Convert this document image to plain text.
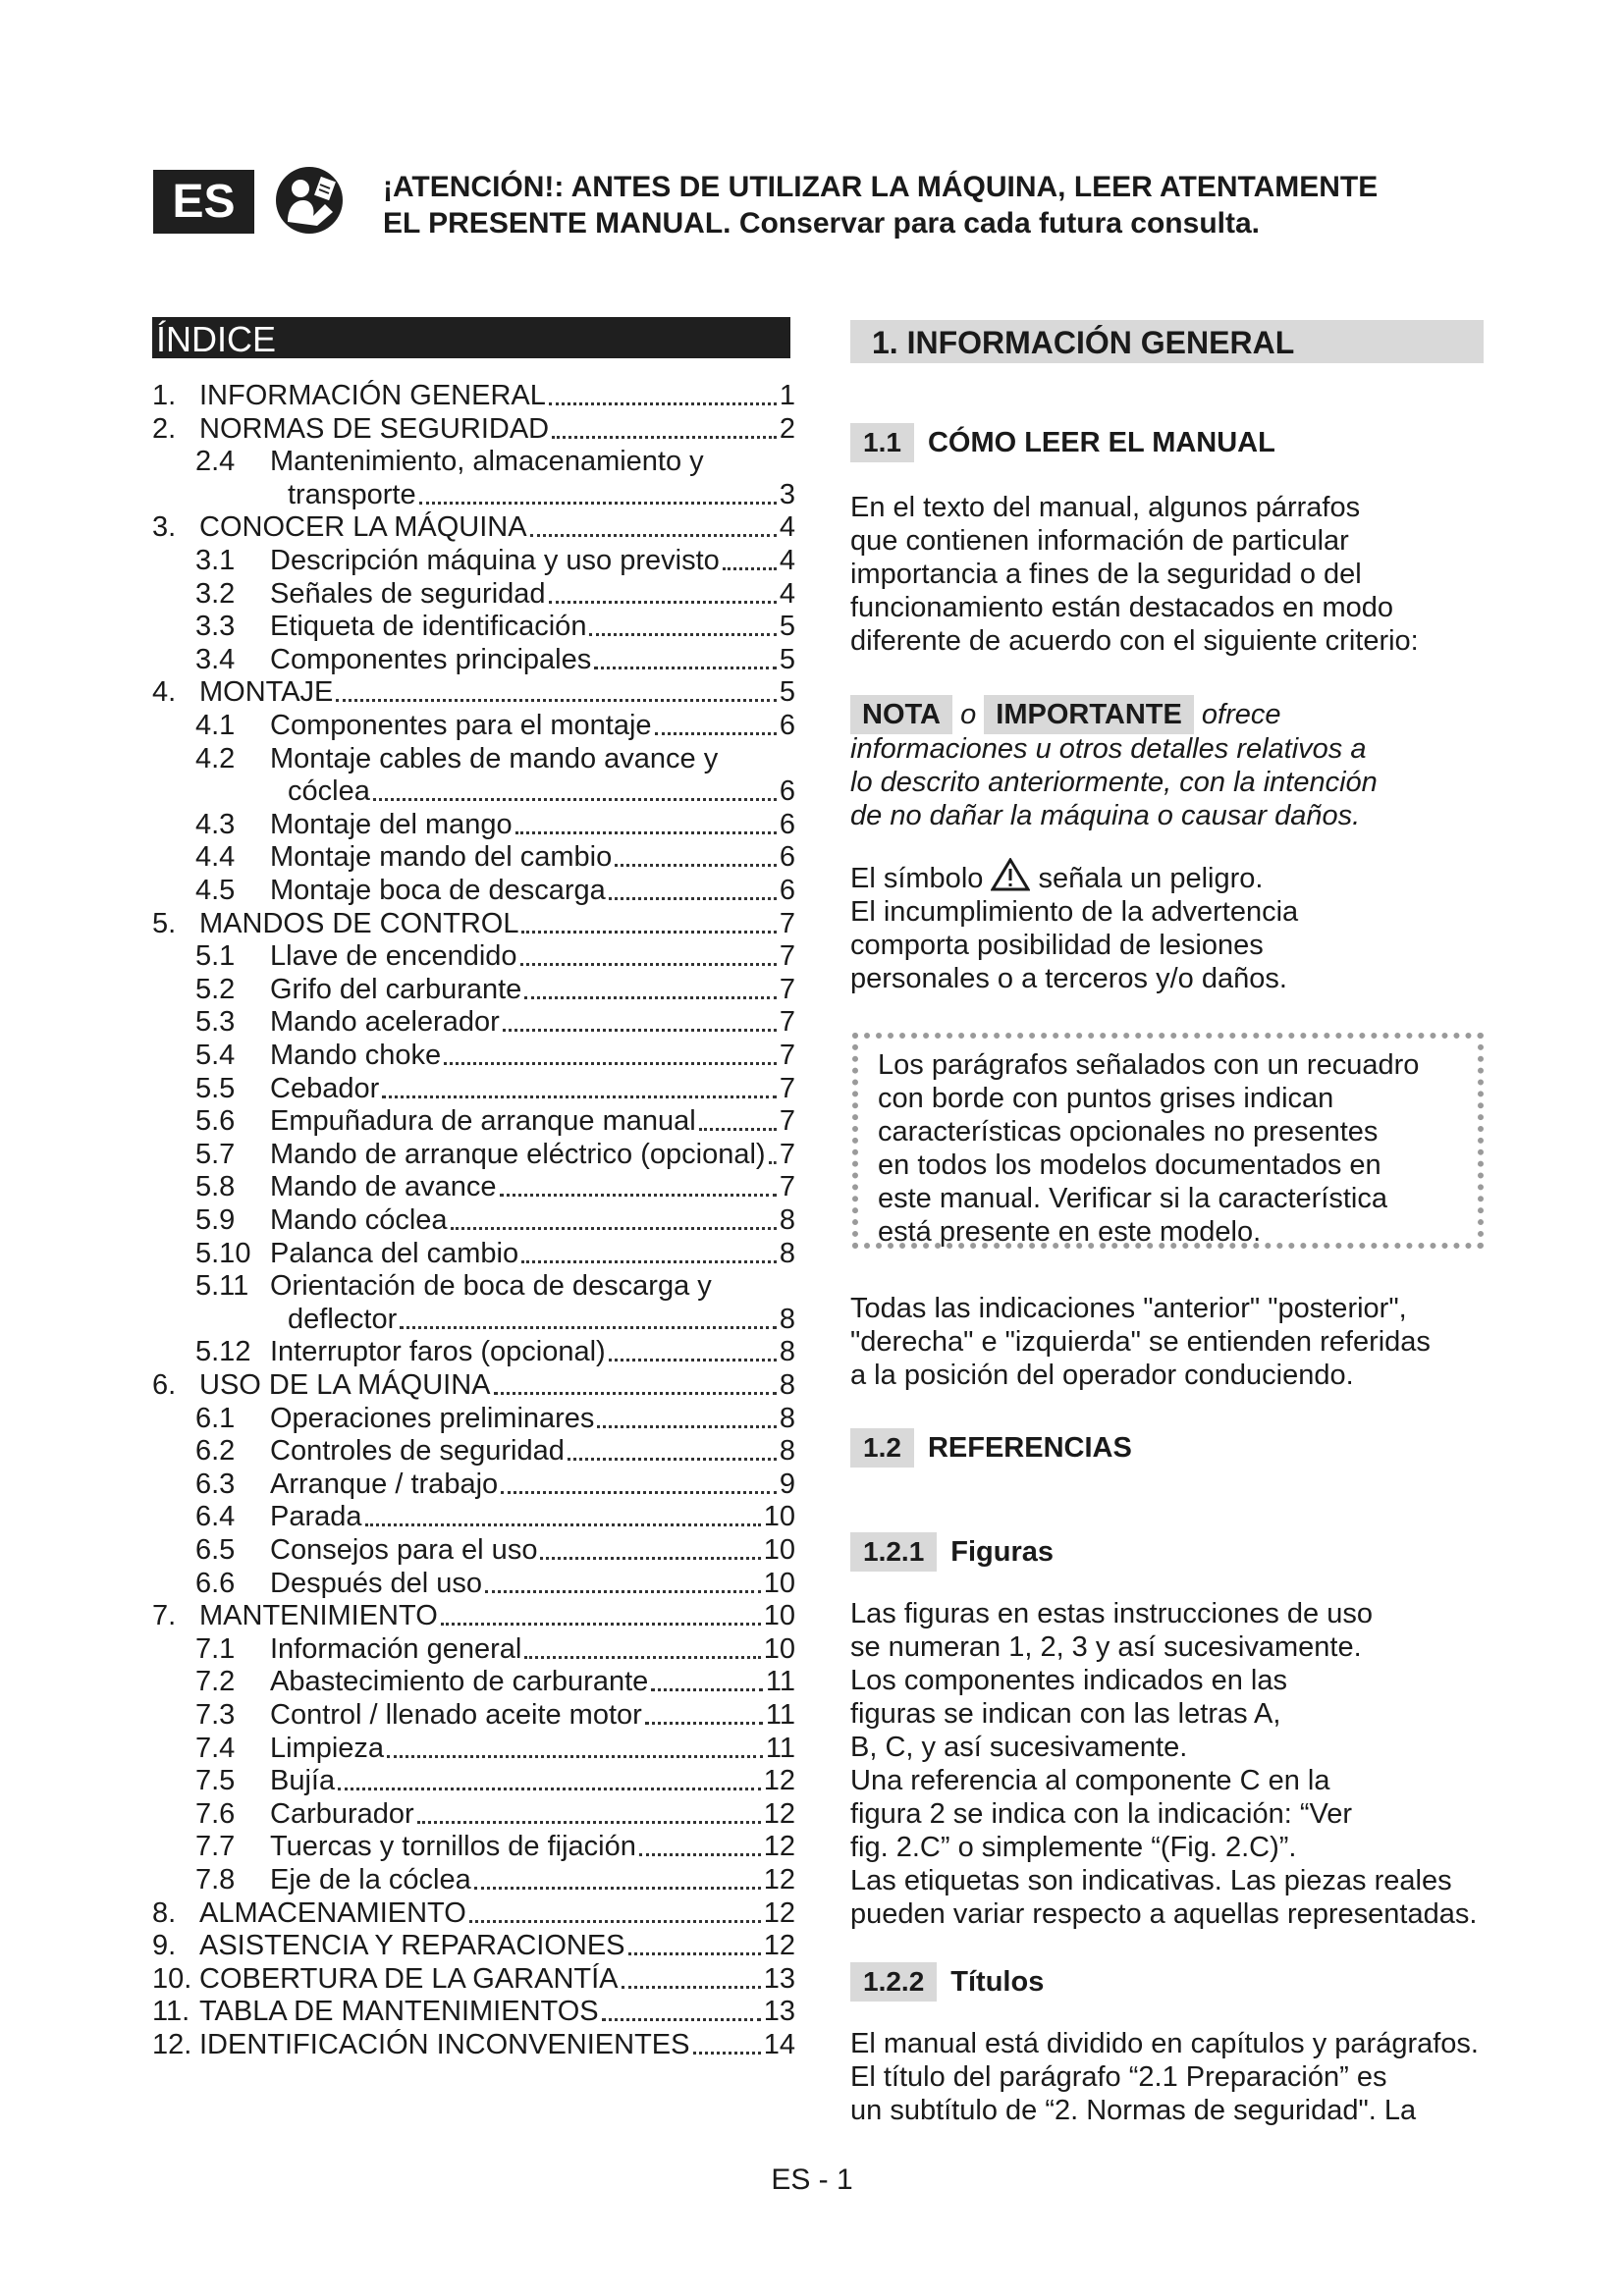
ES	¡ATENCIÓN!: ANTES DE UTILIZAR LA MÁQUINA, LEER ATENTAMENTE
EL PRESENTE MANUAL. Conservar para cada futura consulta.
ÍNDICE
1. INFORMACIÓN GENERAL	1
2. NORMAS DE SEGURIDAD	2
2.4	Mantenimiento, almacenamiento y
transporte	3
3. CONOCER LA MÁQUINA	4
3.1	Descripción máquina y uso previsto 4
3.2	Señales de seguridad	4
3.3	Etiqueta de identificación	5
3.4	Componentes principales	5
4. MONTAJE	5
4.1	Componentes para el montaje	6
4.2	Montaje cables de mando avance y
cóclea	6
4.3	Montaje del mango	6
4.4	Montaje mando del cambio	6
4.5	Montaje boca de descarga	6
5. MANDOS DE CONTROL	7
5.1	Llave de encendido	7
5.2	Grifo del carburante	7
5.3	Mando acelerador	7
5.4	Mando choke	7
5.5	Cebador	7
5.6	Empuñadura de arranque manual	7
5.7	Mando de arranque eléctrico (opcional) 7
5.8	Mando de avance	7
5.9	Mando cóclea	8
5.10 Palanca del cambio	8
5.11 Orientación de boca de descarga y
deflector	8
5.12 Interruptor faros (opcional)	8
6. USO DE LA MÁQUINA	8
6.1	Operaciones preliminares	8
6.2	Controles de seguridad	8
6.3	Arranque / trabajo	9
6.4	Parada	10
6.5	Consejos para el uso	10
6.6	Después del uso	10
7. MANTENIMIENTO	10
7.1	Información general	10
7.2	Abastecimiento de carburante	11
7.3	Control / llenado aceite motor	11
7.4	Limpieza	11
7.5	Bujía	12
7.6	Carburador	12
7.7	Tuercas y tornillos de fijación	12
7.8	Eje de la cóclea	12
8. ALMACENAMIENTO	12
9. ASISTENCIA Y REPARACIONES	12
10. COBERTURA DE LA GARANTÍA	13
11. TABLA DE MANTENIMIENTOS	13
12. IDENTIFICACIÓN INCONVENIENTES	14
1. INFORMACIÓN GENERAL
1.1 CÓMO LEER EL MANUAL
En el texto del manual, algunos párrafos
que contienen información de particular
importancia a fines de la seguridad o del
funcionamiento están destacados en modo
diferente de acuerdo con el siguiente criterio:
NOTA o IMPORTANTE ofrece
informaciones u otros detalles relativos a
lo descrito anteriormente, con la intención
de no dañar la máquina o causar daños.
El símbolo señala un peligro.
El incumplimiento de la advertencia
comporta posibilidad de lesiones
personales o a terceros y/o daños.
Los parágrafos señalados con un recuadro
con borde con puntos grises indican
características opcionales no presentes
en todos los modelos documentados en
este manual. Verificar si la característica
está presente en este modelo.
Todas las indicaciones "anterior" "posterior",
"derecha" e "izquierda" se entienden referidas
a la posición del operador conduciendo.
1.2 REFERENCIAS
1.2.1 Figuras
Las figuras en estas instrucciones de uso
se numeran 1, 2, 3 y así sucesivamente.
Los componentes indicados en las
figuras se indican con las letras A,
B, C, y así sucesivamente.
Una referencia al componente C en la
figura 2 se indica con la indicación: “Ver
fig. 2.C” o simplemente “(Fig. 2.C)”.
Las etiquetas son indicativas. Las piezas reales
pueden variar respecto a aquellas representadas.
1.2.2 Títulos
El manual está dividido en capítulos y parágrafos.
El título del parágrafo “2.1 Preparación” es
un subtítulo de “2. Normas de seguridad". La
ES - 1
